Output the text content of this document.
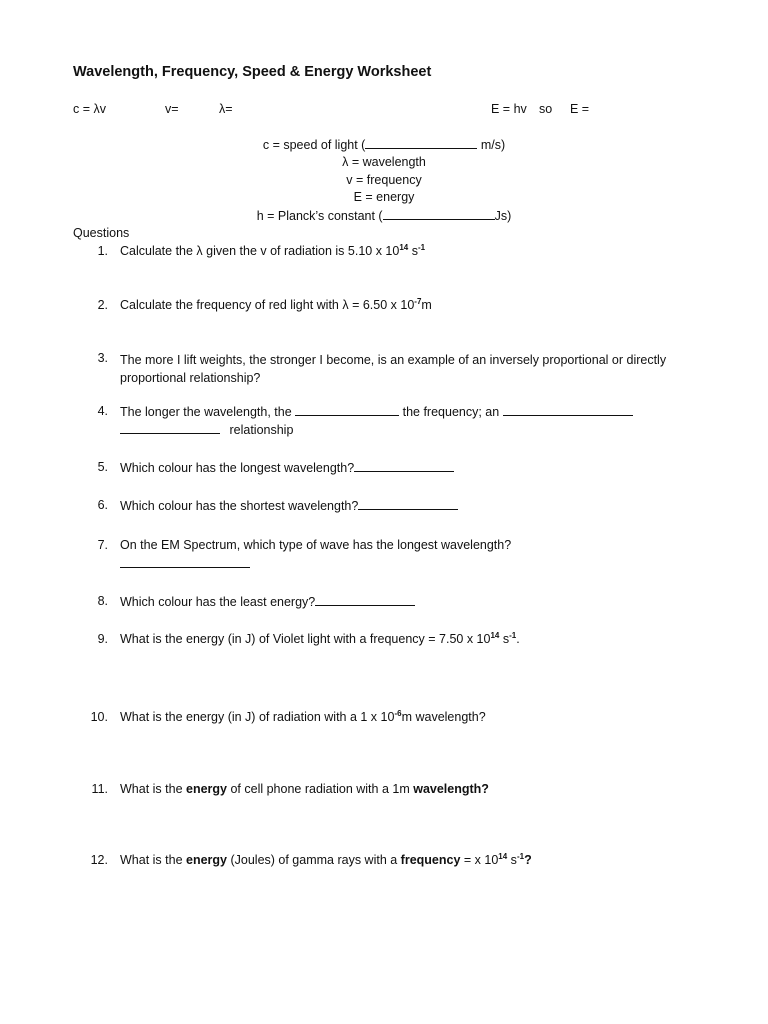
Wavelength, Frequency, Speed & Energy Worksheet
c = λv	v=	λ=	E = hv so E =
c = speed of light (	m/s)
λ = wavelength
v = frequency
E = energy
h = Planck’s constant (	Js)
Questions
1. Calculate the λ given the v of radiation is 5.10 x $10^{14}$ $s^{-1}$
2. Calculate the frequency of red light with λ = 6.50 x $10^{-7}m$
3. The more I lift weights, the stronger I become, is an example of an inversely proportional or directly proportional relationship?
4. The longer the wavelength, the	the frequency; an
relationship
5. Which colour has the longest wavelength?
6. Which colour has the shortest wavelength?
7. On the EM Spectrum, which type of wave has the longest wavelength?
8. Which colour has the least energy?
9. What is the energy (in J) of Violet light with a frequency = 7.50 x $10^{14}$ $s^{-1}$.
10. What is the energy (in J) of radiation with a 1 x $10^{-6}m$ wavelength?
11. What is the energy of cell phone radiation with a 1m wavelength?
12. What is the energy (Joules) of gamma rays with a frequency = x $10^{14}$ $s^{-1}$?
